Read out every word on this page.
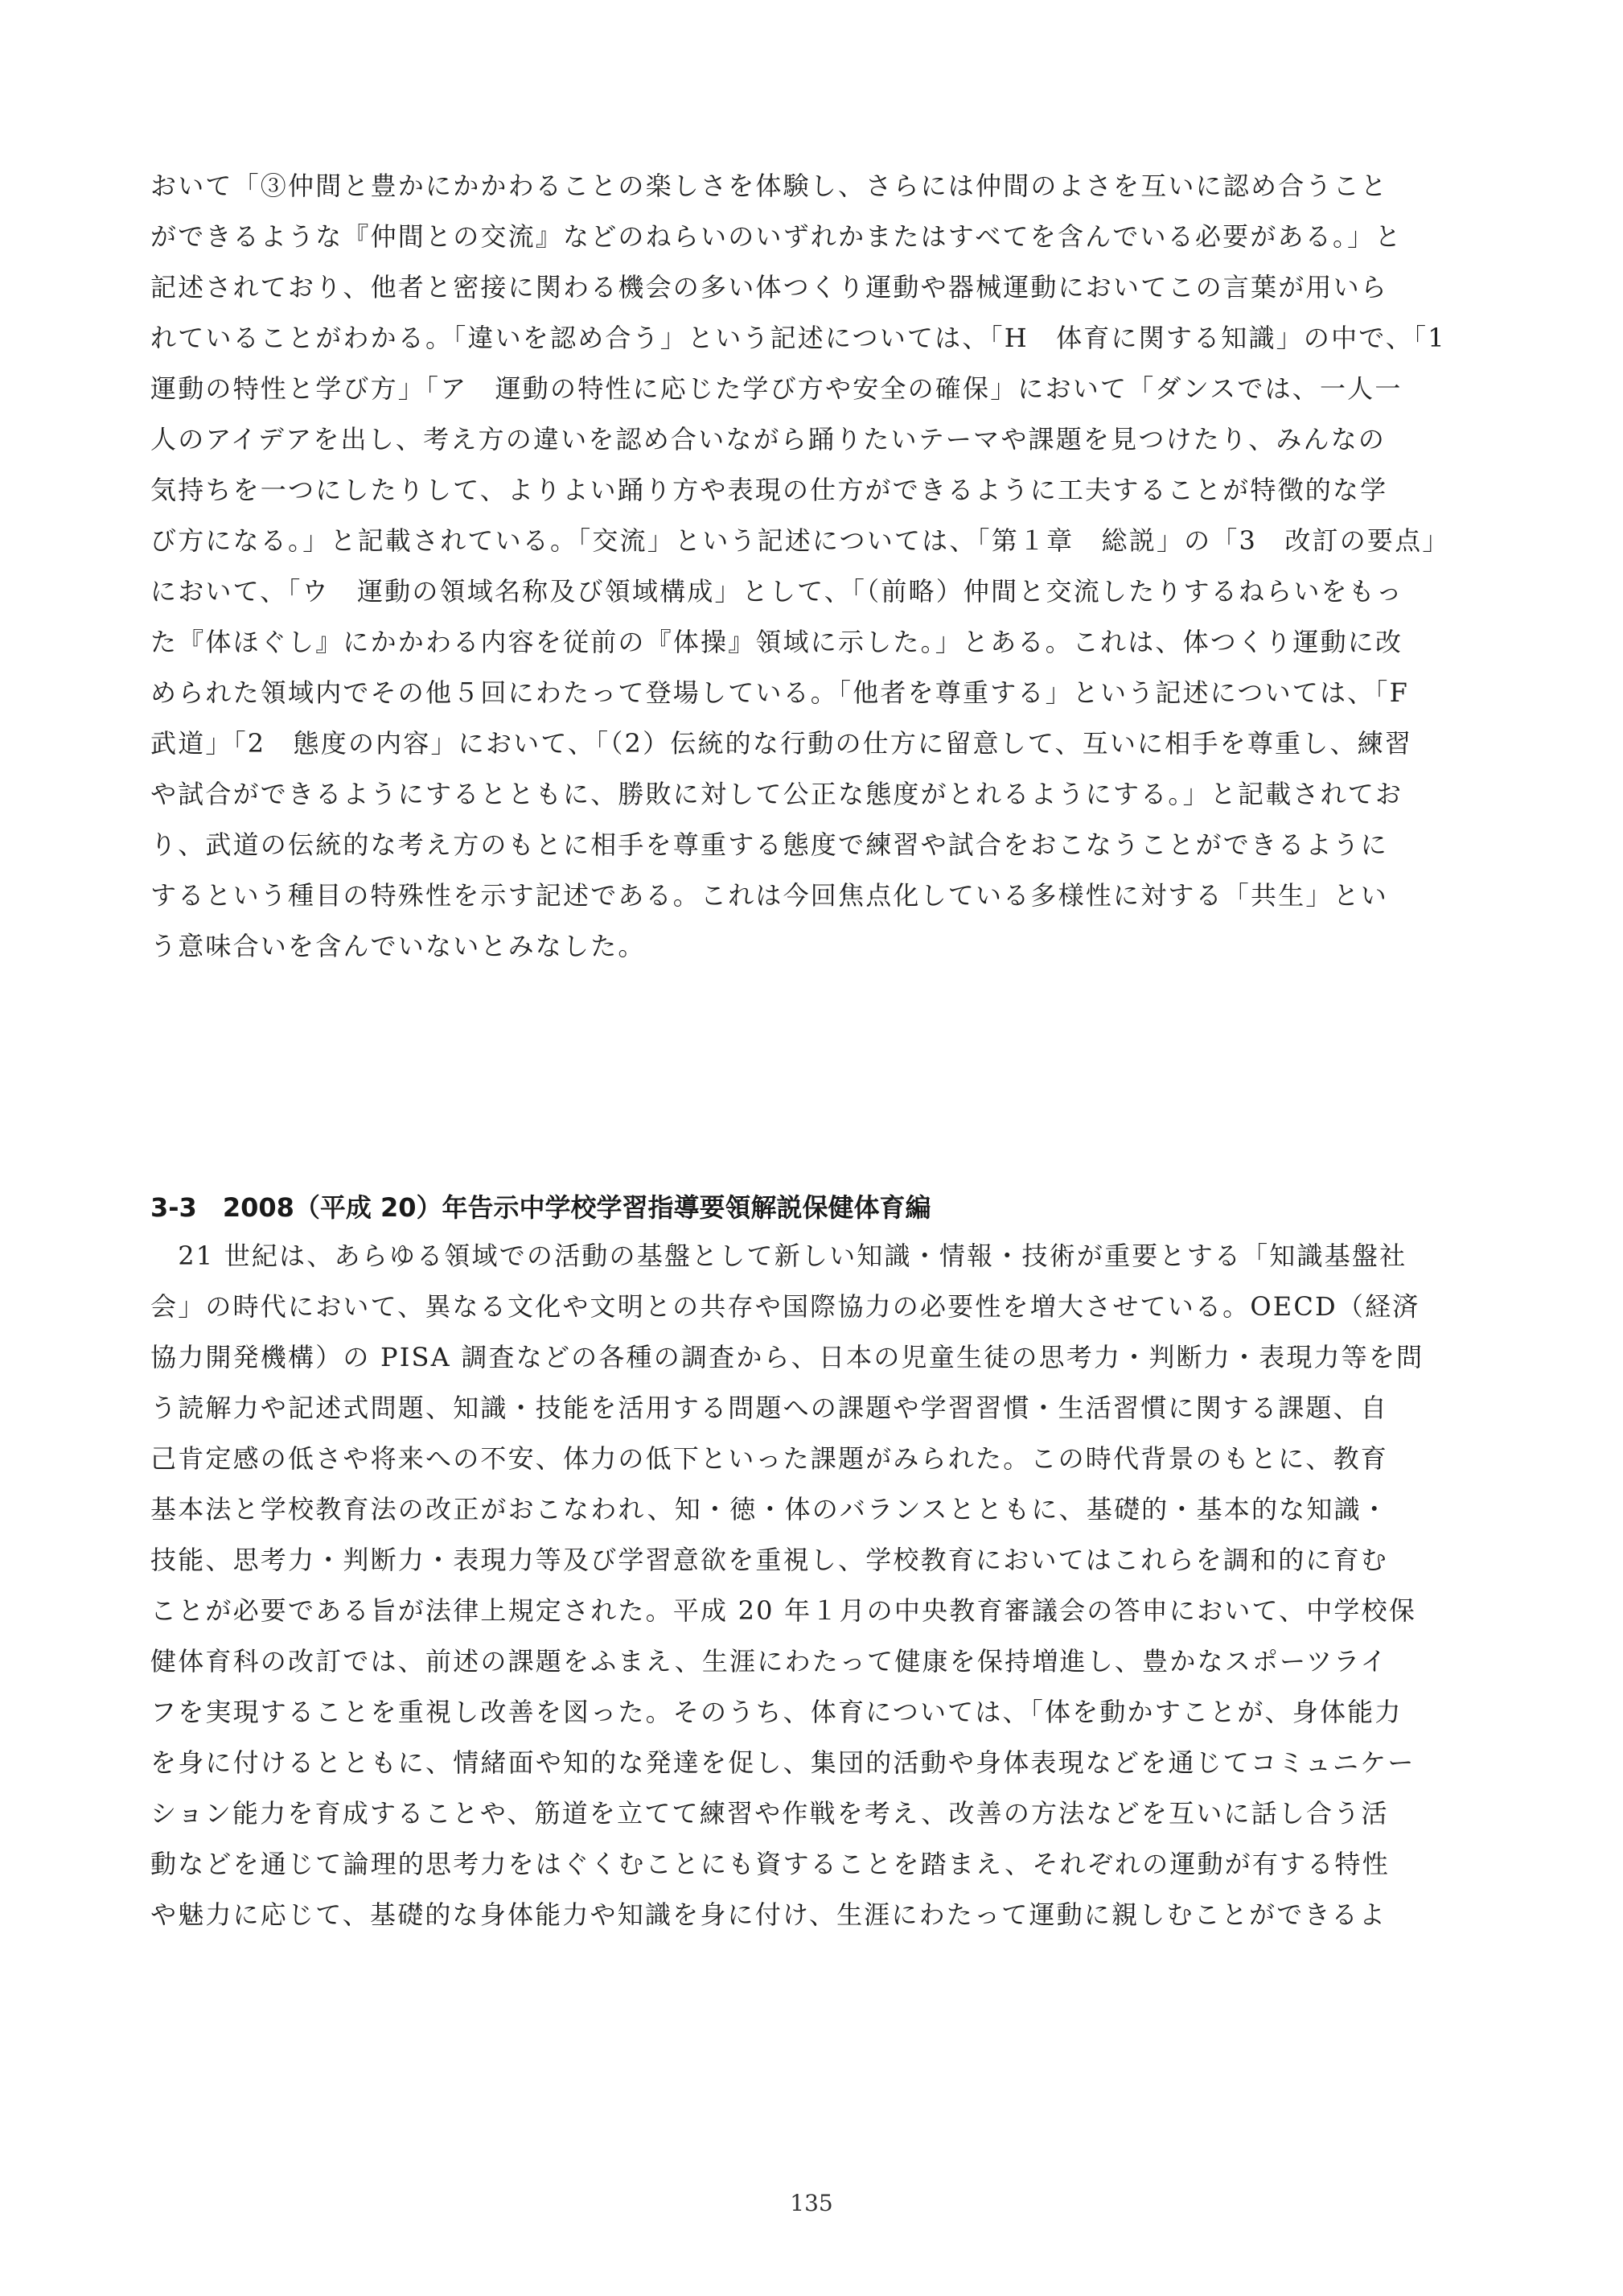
おいて「③仲間と豊かにかかわることの楽しさを体験し、さらには仲間のよさを互いに認め合うこと
ができるような『仲間との交流』などのねらいのいずれかまたはすべてを含んでいる必要がある。」と
記述されており、他者と密接に関わる機会の多い体つくり運動や器械運動においてこの言葉が用いら
れていることがわかる。「違いを認め合う」という記述については、「H　体育に関する知識」の中で、「1
運動の特性と学び方」「ア　運動の特性に応じた学び方や安全の確保」において「ダンスでは、一人一
人のアイデアを出し、考え方の違いを認め合いながら踊りたいテーマや課題を見つけたり、みんなの
気持ちを一つにしたりして、よりよい踊り方や表現の仕方ができるように工夫することが特徴的な学
び方になる。」と記載されている。「交流」という記述については、「第１章　総説」の「3　改訂の要点」
において、「ウ　運動の領域名称及び領域構成」として、「（前略）仲間と交流したりするねらいをもっ
た『体ほぐし』にかかわる内容を従前の『体操』領域に示した。」とある。これは、体つくり運動に改
められた領域内でその他５回にわたって登場している。「他者を尊重する」という記述については、「F
武道」「2　態度の内容」において、「（2）伝統的な行動の仕方に留意して、互いに相手を尊重し、練習
や試合ができるようにするとともに、勝敗に対して公正な態度がとれるようにする。」と記載されてお
り、武道の伝統的な考え方のもとに相手を尊重する態度で練習や試合をおこなうことができるように
するという種目の特殊性を示す記述である。これは今回焦点化している多様性に対する「共生」とい
う意味合いを含んでいないとみなした。
3-3　2008（平成 20）年告示中学校学習指導要領解説保健体育編
　21 世紀は、あらゆる領域での活動の基盤として新しい知識・情報・技術が重要とする「知識基盤社
会」の時代において、異なる文化や文明との共存や国際協力の必要性を増大させている。OECD（経済
協力開発機構）の PISA 調査などの各種の調査から、日本の児童生徒の思考力・判断力・表現力等を問
う読解力や記述式問題、知識・技能を活用する問題への課題や学習習慣・生活習慣に関する課題、自
己肯定感の低さや将来への不安、体力の低下といった課題がみられた。この時代背景のもとに、教育
基本法と学校教育法の改正がおこなわれ、知・徳・体のバランスとともに、基礎的・基本的な知識・
技能、思考力・判断力・表現力等及び学習意欲を重視し、学校教育においてはこれらを調和的に育む
ことが必要である旨が法律上規定された。平成 20 年１月の中央教育審議会の答申において、中学校保
健体育科の改訂では、前述の課題をふまえ、生涯にわたって健康を保持増進し、豊かなスポーツライ
フを実現することを重視し改善を図った。そのうち、体育については、「体を動かすことが、身体能力
を身に付けるとともに、情緒面や知的な発達を促し、集団的活動や身体表現などを通じてコミュニケー
ション能力を育成することや、筋道を立てて練習や作戦を考え、改善の方法などを互いに話し合う活
動などを通じて論理的思考力をはぐくむことにも資することを踏まえ、それぞれの運動が有する特性
や魅力に応じて、基礎的な身体能力や知識を身に付け、生涯にわたって運動に親しむことができるよ
135
